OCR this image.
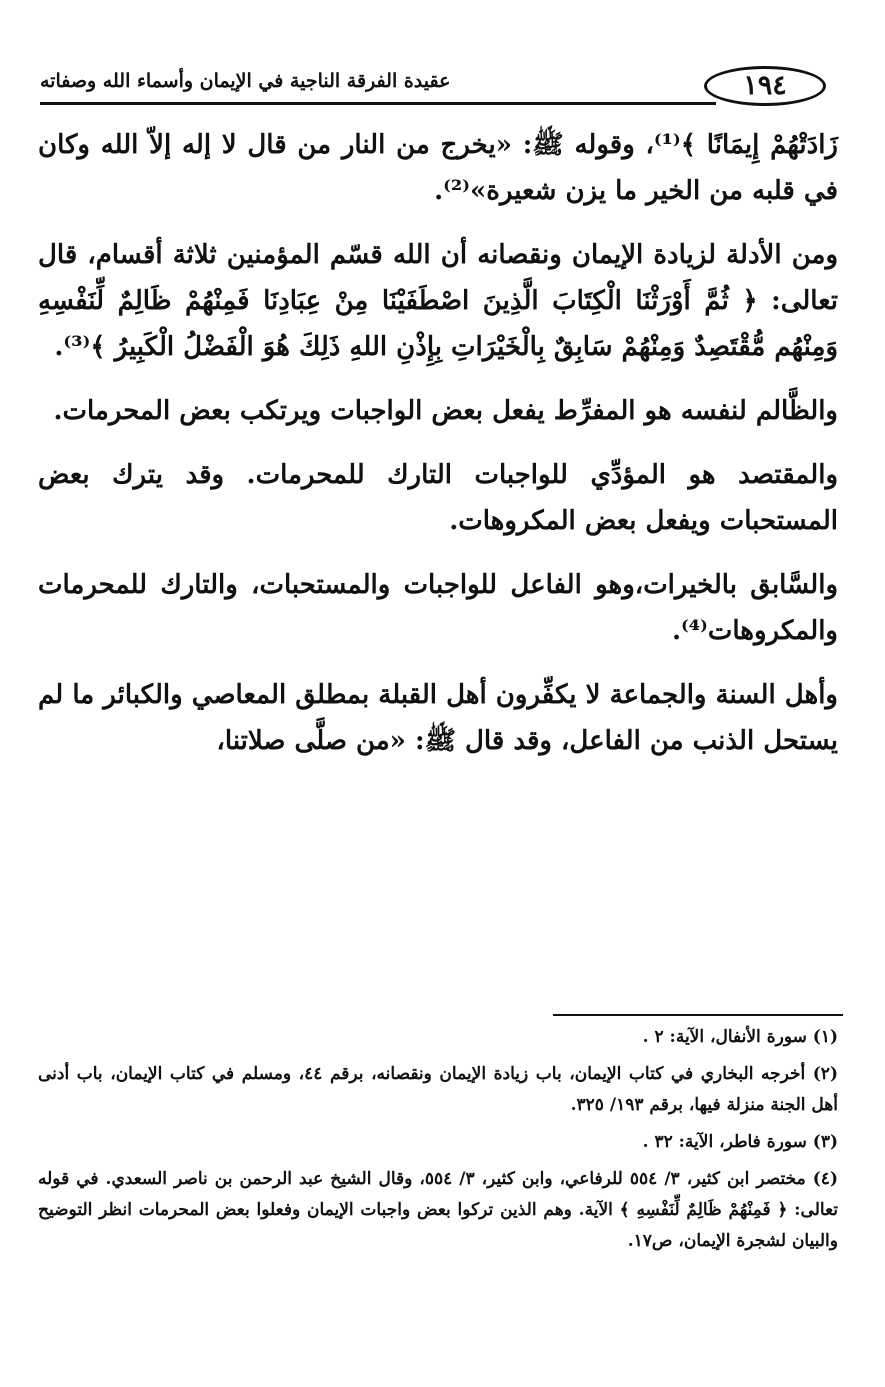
١٩٤
عقيدة الفرقة الناجية في الإيمان وأسماء الله وصفاته

زَادَتْهُمْ إِيمَانًا ﴾⁽¹⁾، وقوله ﷺ: «يخرج من النار من قال لا إله إلاّ الله وكان في قلبه من الخير ما يزن شعيرة»⁽²⁾.

ومن الأدلة لزيادة الإيمان ونقصانه أن الله قسّم المؤمنين ثلاثة أقسام، قال تعالى: ﴿ ثُمَّ أَوْرَثْنَا الْكِتَابَ الَّذِينَ اصْطَفَيْنَا مِنْ عِبَادِنَا فَمِنْهُمْ ظَالِمٌ لِّنَفْسِهِ وَمِنْهُم مُّقْتَصِدٌ وَمِنْهُمْ سَابِقٌ بِالْخَيْرَاتِ بِإِذْنِ اللهِ ذَلِكَ هُوَ الْفَضْلُ الْكَبِيرُ ﴾⁽³⁾.

والظَّالم لنفسه هو المفرِّط يفعل بعض الواجبات ويرتكب بعض المحرمات.

والمقتصد هو المؤدِّي للواجبات التارك للمحرمات. وقد يترك بعض المستحبات ويفعل بعض المكروهات.

والسَّابق بالخيرات،وهو الفاعل للواجبات والمستحبات، والتارك للمحرمات والمكروهات⁽⁴⁾.

وأهل السنة والجماعة لا يكفِّرون أهل القبلة بمطلق المعاصي والكبائر ما لم يستحل الذنب من الفاعل، وقد قال ﷺ: «من صلَّى صلاتنا،

(١) سورة الأنفال، الآية: ٢ .

(٢) أخرجه البخاري في كتاب الإيمان، باب زيادة الإيمان ونقصانه، برقم ٤٤، ومسلم في كتاب الإيمان، باب أدنى أهل الجنة منزلة فيها، برقم ١٩٣/ ٣٢٥.

(٣) سورة فاطر، الآية: ٣٢ .

(٤) مختصر ابن كثير، ٣/ ٥٥٤ للرفاعي، وابن كثير، ٣/ ٥٥٤، وقال الشيخ عبد الرحمن بن ناصر السعدي. في قوله تعالى: ﴿ فَمِنْهُمْ ظَالِمٌ لِّنَفْسِهِ ﴾ الآية. وهم الذين تركوا بعض واجبات الإيمان وفعلوا بعض المحرمات انظر التوضيح والبيان لشجرة الإيمان، ص١٧.
